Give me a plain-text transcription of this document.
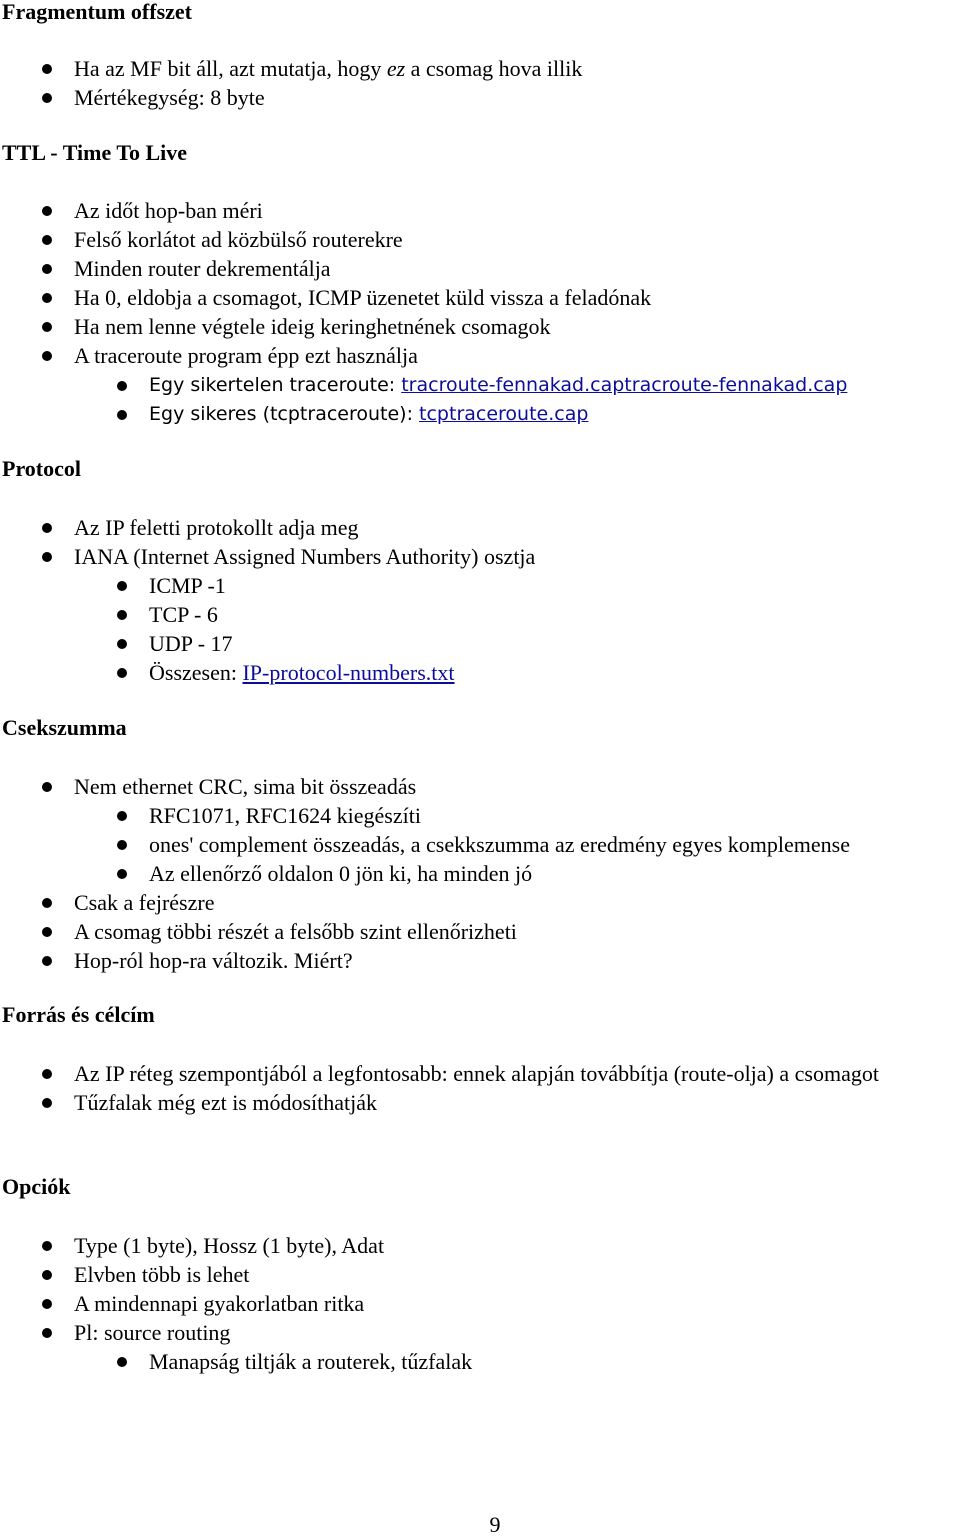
Fragmentum offszet
Ha az MF bit áll, azt mutatja, hogy ez a csomag hova illik
Mértékegység: 8 byte
TTL - Time To Live
Az időt hop-ban méri
Felső korlátot ad közbülső routerekre
Minden router dekrementálja
Ha 0, eldobja a csomagot, ICMP üzenetet küld vissza a feladónak
Ha nem lenne végtele ideig keringhetnének csomagok
A traceroute program épp ezt használja
Egy sikertelen traceroute: tracroute-fennakad.captracroute-fennakad.cap
Egy sikeres (tcptraceroute): tcptraceroute.cap
Protocol
Az IP feletti protokollt adja meg
IANA (Internet Assigned Numbers Authority) osztja
ICMP -1
TCP - 6
UDP - 17
Összesen: IP-protocol-numbers.txt
Csekszumma
Nem ethernet CRC, sima bit összeadás
RFC1071, RFC1624 kiegészíti
ones' complement összeadás, a csekkszumma az eredmény egyes komplemense
Az ellenőrző oldalon 0 jön ki, ha minden jó
Csak a fejrészre
A csomag többi részét a felsőbb szint ellenőrizheti
Hop-ról hop-ra változik. Miért?
Forrás és célcím
Az IP réteg szempontjából a legfontosabb: ennek alapján továbbítja (route-olja) a csomagot
Tűzfalak még ezt is módosíthatják
Opciók
Type (1 byte), Hossz (1 byte), Adat
Elvben több is lehet
A mindennapi gyakorlatban ritka
Pl: source routing
Manapság tiltják a routerek, tűzfalak
9
